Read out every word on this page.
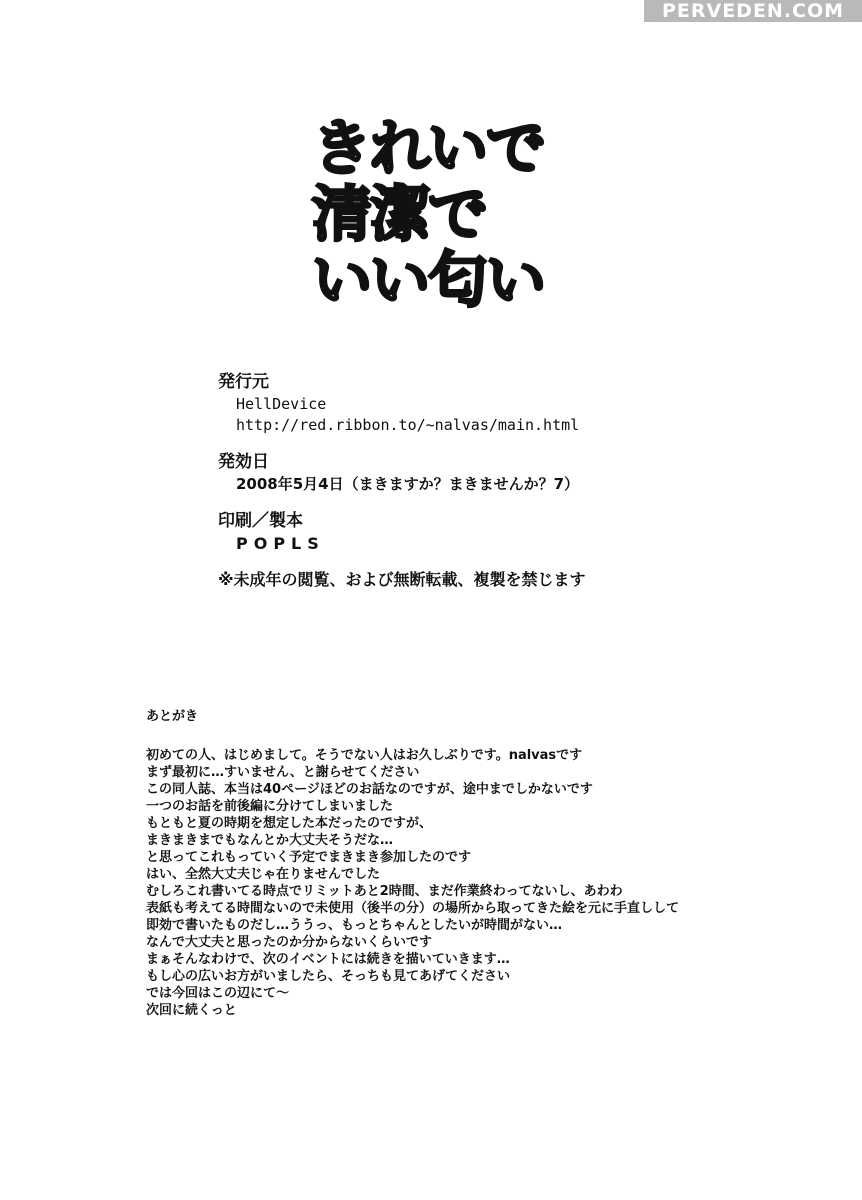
PERVEDEN.COM
きれいで
清潔で
いい匂い
発行元
HellDevice
http://red.ribbon.to/~nalvas/main.html
発効日
2008年5月4日（まきますか？まきませんか？7）
印刷／製本
POPLS
※未成年の閲覧、および無断転載、複製を禁じます
あとがき
初めての人、はじめまして。そうでない人はお久しぶりです。nalvasです
まず最初に…すいません、と謝らせてください
この同人誌、本当は40ページほどのお話なのですが、途中までしかないです
一つのお話を前後編に分けてしまいました
もともと夏の時期を想定した本だったのですが、
まきまきまでもなんとか大丈夫そうだな…
と思ってこれもっていく予定でまきまき参加したのです
はい、全然大丈夫じゃ在りませんでした
むしろこれ書いてる時点でリミットあと2時間、まだ作業終わってないし、あわわ
表紙も考えてる時間ないので未使用（後半の分）の場所から取ってきた絵を元に手直しして
即効で書いたものだし…ううっ、もっとちゃんとしたいが時間がない…
なんで大丈夫と思ったのか分からないくらいです
まぁそんなわけで、次のイベントには続きを描いていきます…
もし心の広いお方がいましたら、そっちも見てあげてください
では今回はこの辺にて～
次回に続くっと
